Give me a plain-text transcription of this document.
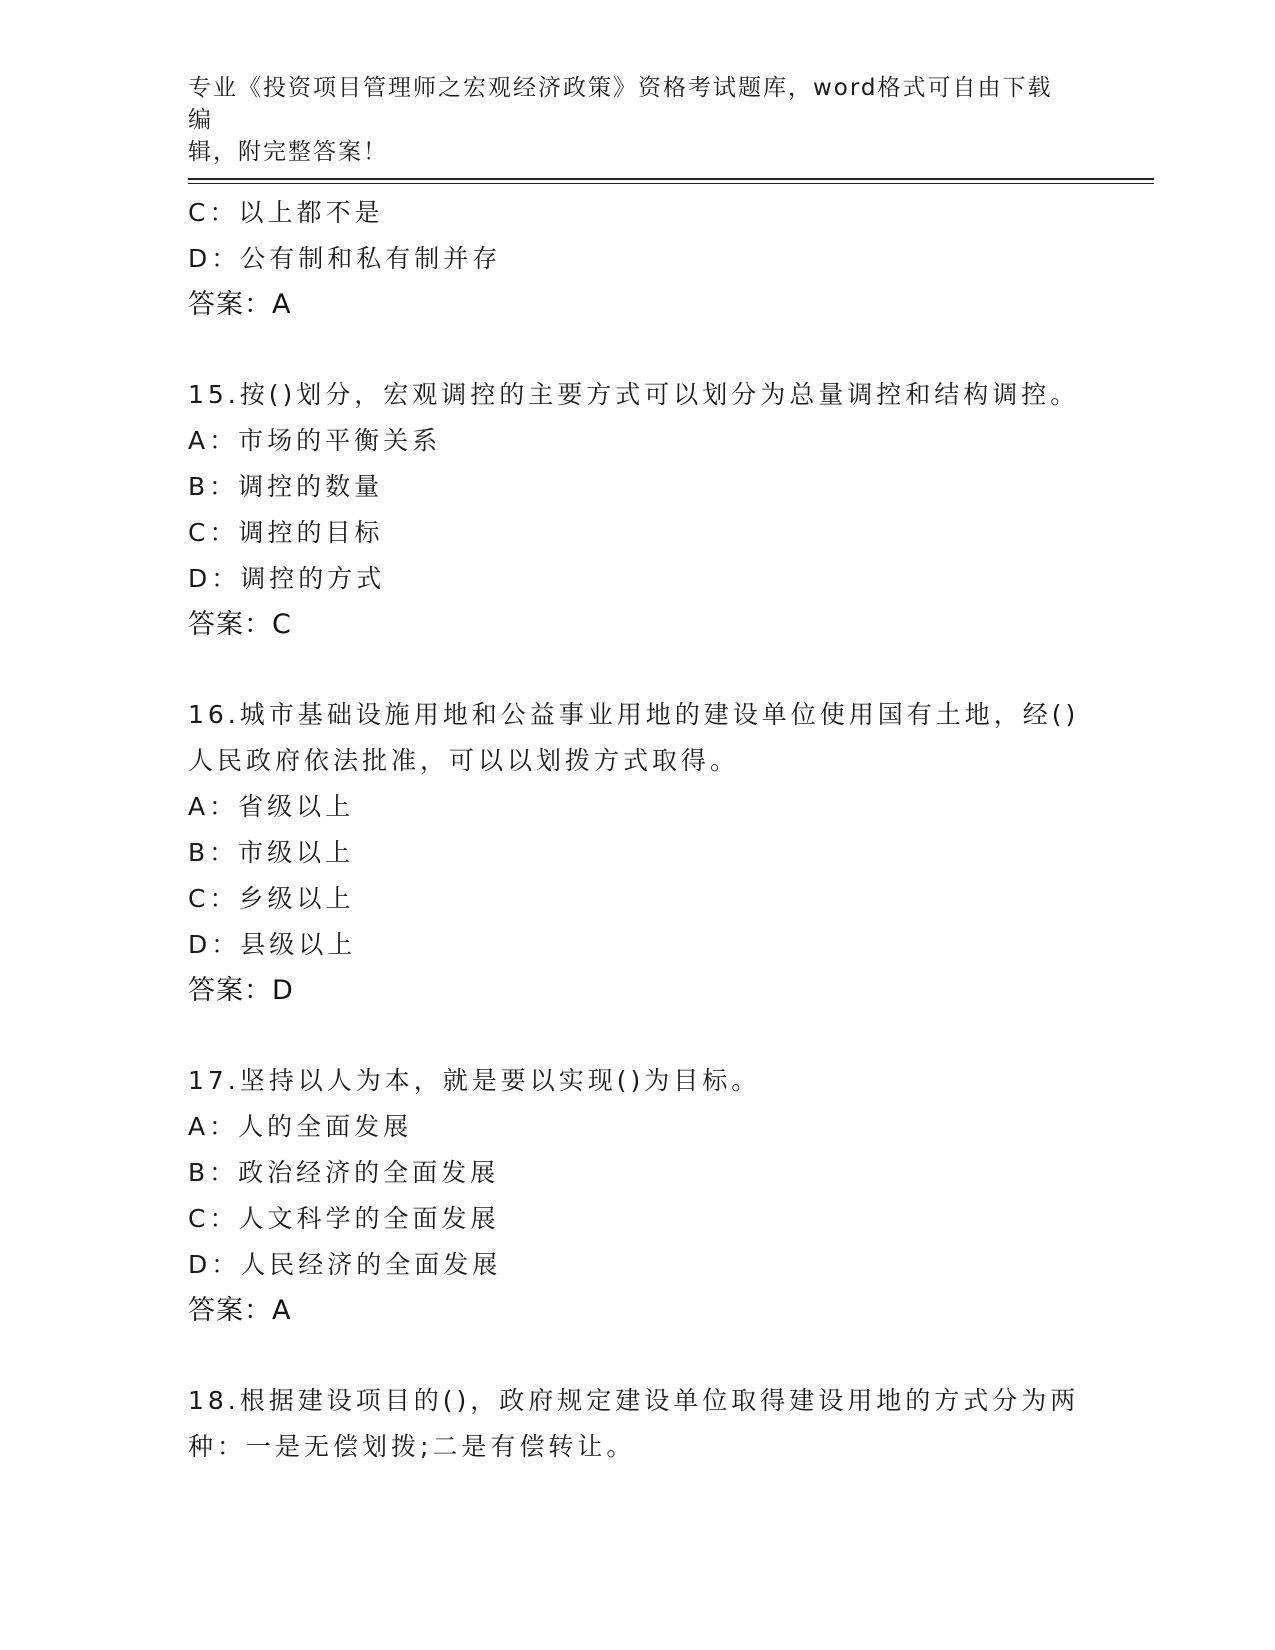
专业《投资项目管理师之宏观经济政策》资格考试题库，word格式可自由下载编
辑，附完整答案！
C：以上都不是
D：公有制和私有制并存
答案：A
15.按()划分，宏观调控的主要方式可以划分为总量调控和结构调控。
A：市场的平衡关系
B：调控的数量
C：调控的目标
D：调控的方式
答案：C
16.城市基础设施用地和公益事业用地的建设单位使用国有土地，经()
人民政府依法批准，可以以划拨方式取得。
A：省级以上
B：市级以上
C：乡级以上
D：县级以上
答案：D
17.坚持以人为本，就是要以实现()为目标。
A：人的全面发展
B：政治经济的全面发展
C：人文科学的全面发展
D：人民经济的全面发展
答案：A
18.根据建设项目的()，政府规定建设单位取得建设用地的方式分为两
种：一是无偿划拨;二是有偿转让。
